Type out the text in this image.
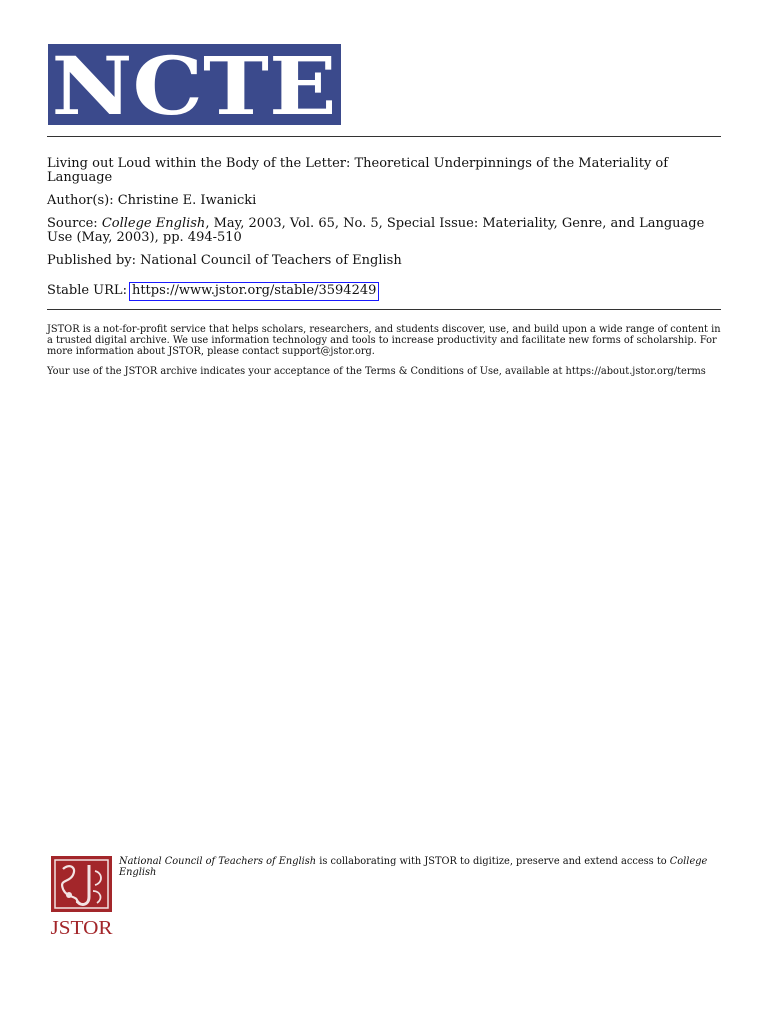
NCTE
Living out Loud within the Body of the Letter: Theoretical Underpinnings of the Materiality of Language
Author(s): Christine E. Iwanicki
Source: College English, May, 2003, Vol. 65, No. 5, Special Issue: Materiality, Genre, and Language Use (May, 2003), pp. 494-510
Published by: National Council of Teachers of English
Stable URL: https://www.jstor.org/stable/3594249
JSTOR is a not-for-profit service that helps scholars, researchers, and students discover, use, and build upon a wide range of content in a trusted digital archive. We use information technology and tools to increase productivity and facilitate new forms of scholarship. For more information about JSTOR, please contact support@jstor.org.
Your use of the JSTOR archive indicates your acceptance of the Terms & Conditions of Use, available at https://about.jstor.org/terms
JSTOR
National Council of Teachers of English is collaborating with JSTOR to digitize, preserve and extend access to College English
